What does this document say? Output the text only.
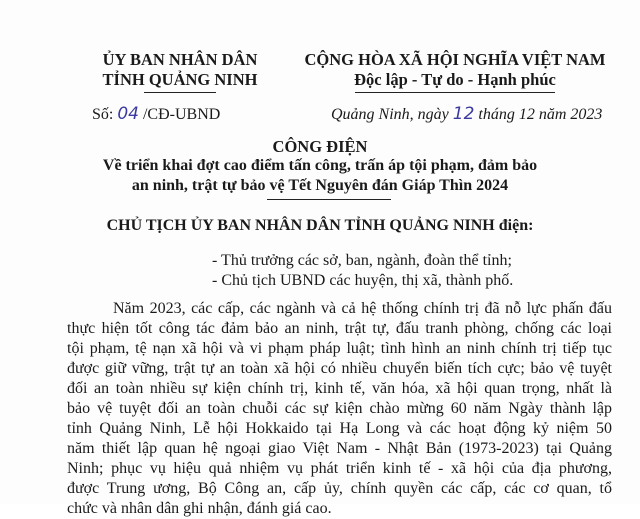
ỦY BAN NHÂN DÂN
TỈNH QUẢNG NINH
CỘNG HÒA XÃ HỘI NGHĨA VIỆT NAM
Độc lập - Tự do - Hạnh phúc
Số: 04 /CĐ-UBND	Quảng Ninh, ngày 12 tháng 12 năm 2023
CÔNG ĐIỆN
Về triển khai đợt cao điểm tấn công, trấn áp tội phạm, đảm bảo
an ninh, trật tự bảo vệ Tết Nguyên đán Giáp Thìn 2024
CHỦ TỊCH ỦY BAN NHÂN DÂN TỈNH QUẢNG NINH điện:
- Thủ trưởng các sở, ban, ngành, đoàn thể tỉnh;
- Chủ tịch UBND các huyện, thị xã, thành phố.
Năm 2023, các cấp, các ngành và cả hệ thống chính trị đã nỗ lực phấn đấu
thực hiện tốt công tác đảm bảo an ninh, trật tự, đấu tranh phòng, chống các loại
tội phạm, tệ nạn xã hội và vi phạm pháp luật; tình hình an ninh chính trị tiếp tục
được giữ vững, trật tự an toàn xã hội có nhiều chuyển biến tích cực; bảo vệ tuyệt
đối an toàn nhiều sự kiện chính trị, kinh tế, văn hóa, xã hội quan trọng, nhất là
bảo vệ tuyệt đối an toàn chuỗi các sự kiện chào mừng 60 năm Ngày thành lập
tỉnh Quảng Ninh, Lễ hội Hokkaido tại Hạ Long và các hoạt động kỷ niệm 50
năm thiết lập quan hệ ngoại giao Việt Nam - Nhật Bản (1973-2023) tại Quảng
Ninh; phục vụ hiệu quả nhiệm vụ phát triển kinh tế - xã hội của địa phương,
được Trung ương, Bộ Công an, cấp ủy, chính quyền các cấp, các cơ quan, tổ
chức và nhân dân ghi nhận, đánh giá cao.
